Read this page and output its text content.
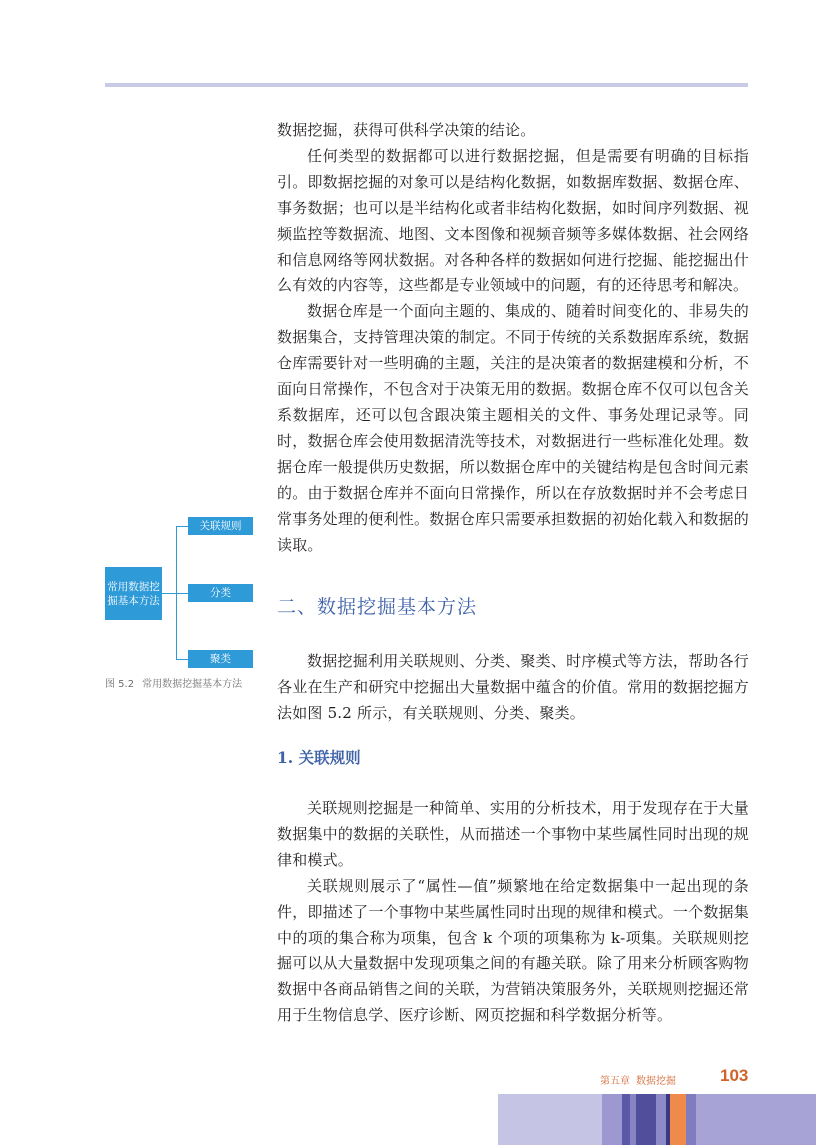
数据挖掘，获得可供科学决策的结论。

任何类型的数据都可以进行数据挖掘，但是需要有明确的目标指引。即数据挖掘的对象可以是结构化数据，如数据库数据、数据仓库、事务数据；也可以是半结构化或者非结构化数据，如时间序列数据、视频监控等数据流、地图、文本图像和视频音频等多媒体数据、社会网络和信息网络等网状数据。对各种各样的数据如何进行挖掘、能挖掘出什么有效的内容等，这些都是专业领域中的问题，有的还待思考和解决。

数据仓库是一个面向主题的、集成的、随着时间变化的、非易失的数据集合，支持管理决策的制定。不同于传统的关系数据库系统，数据仓库需要针对一些明确的主题，关注的是决策者的数据建模和分析，不面向日常操作，不包含对于决策无用的数据。数据仓库不仅可以包含关系数据库，还可以包含跟决策主题相关的文件、事务处理记录等。同时，数据仓库会使用数据清洗等技术，对数据进行一些标准化处理。数据仓库一般提供历史数据，所以数据仓库中的关键结构是包含时间元素的。由于数据仓库并不面向日常操作，所以在存放数据时并不会考虑日常事务处理的便利性。数据仓库只需要承担数据的初始化载入和数据的读取。

二、数据挖掘基本方法

数据挖掘利用关联规则、分类、聚类、时序模式等方法，帮助各行各业在生产和研究中挖掘出大量数据中蕴含的价值。常用的数据挖掘方法如图 5.2 所示，有关联规则、分类、聚类。

1. 关联规则

关联规则挖掘是一种简单、实用的分析技术，用于发现存在于大量数据集中的数据的关联性，从而描述一个事物中某些属性同时出现的规律和模式。

关联规则展示了“属性—值”频繁地在给定数据集中一起出现的条件，即描述了一个事物中某些属性同时出现的规律和模式。一个数据集中的项的集合称为项集，包含 k 个项的项集称为 k-项集。关联规则挖掘可以从大量数据中发现项集之间的有趣关联。除了用来分析顾客购物数据中各商品销售之间的关联，为营销决策服务外，关联规则挖掘还常用于生物信息学、医疗诊断、网页挖掘和科学数据分析等。

常用数据挖掘基本方法
关联规则
分类
聚类

图 5.2 常用数据挖掘基本方法

第五章 数据挖掘	103
